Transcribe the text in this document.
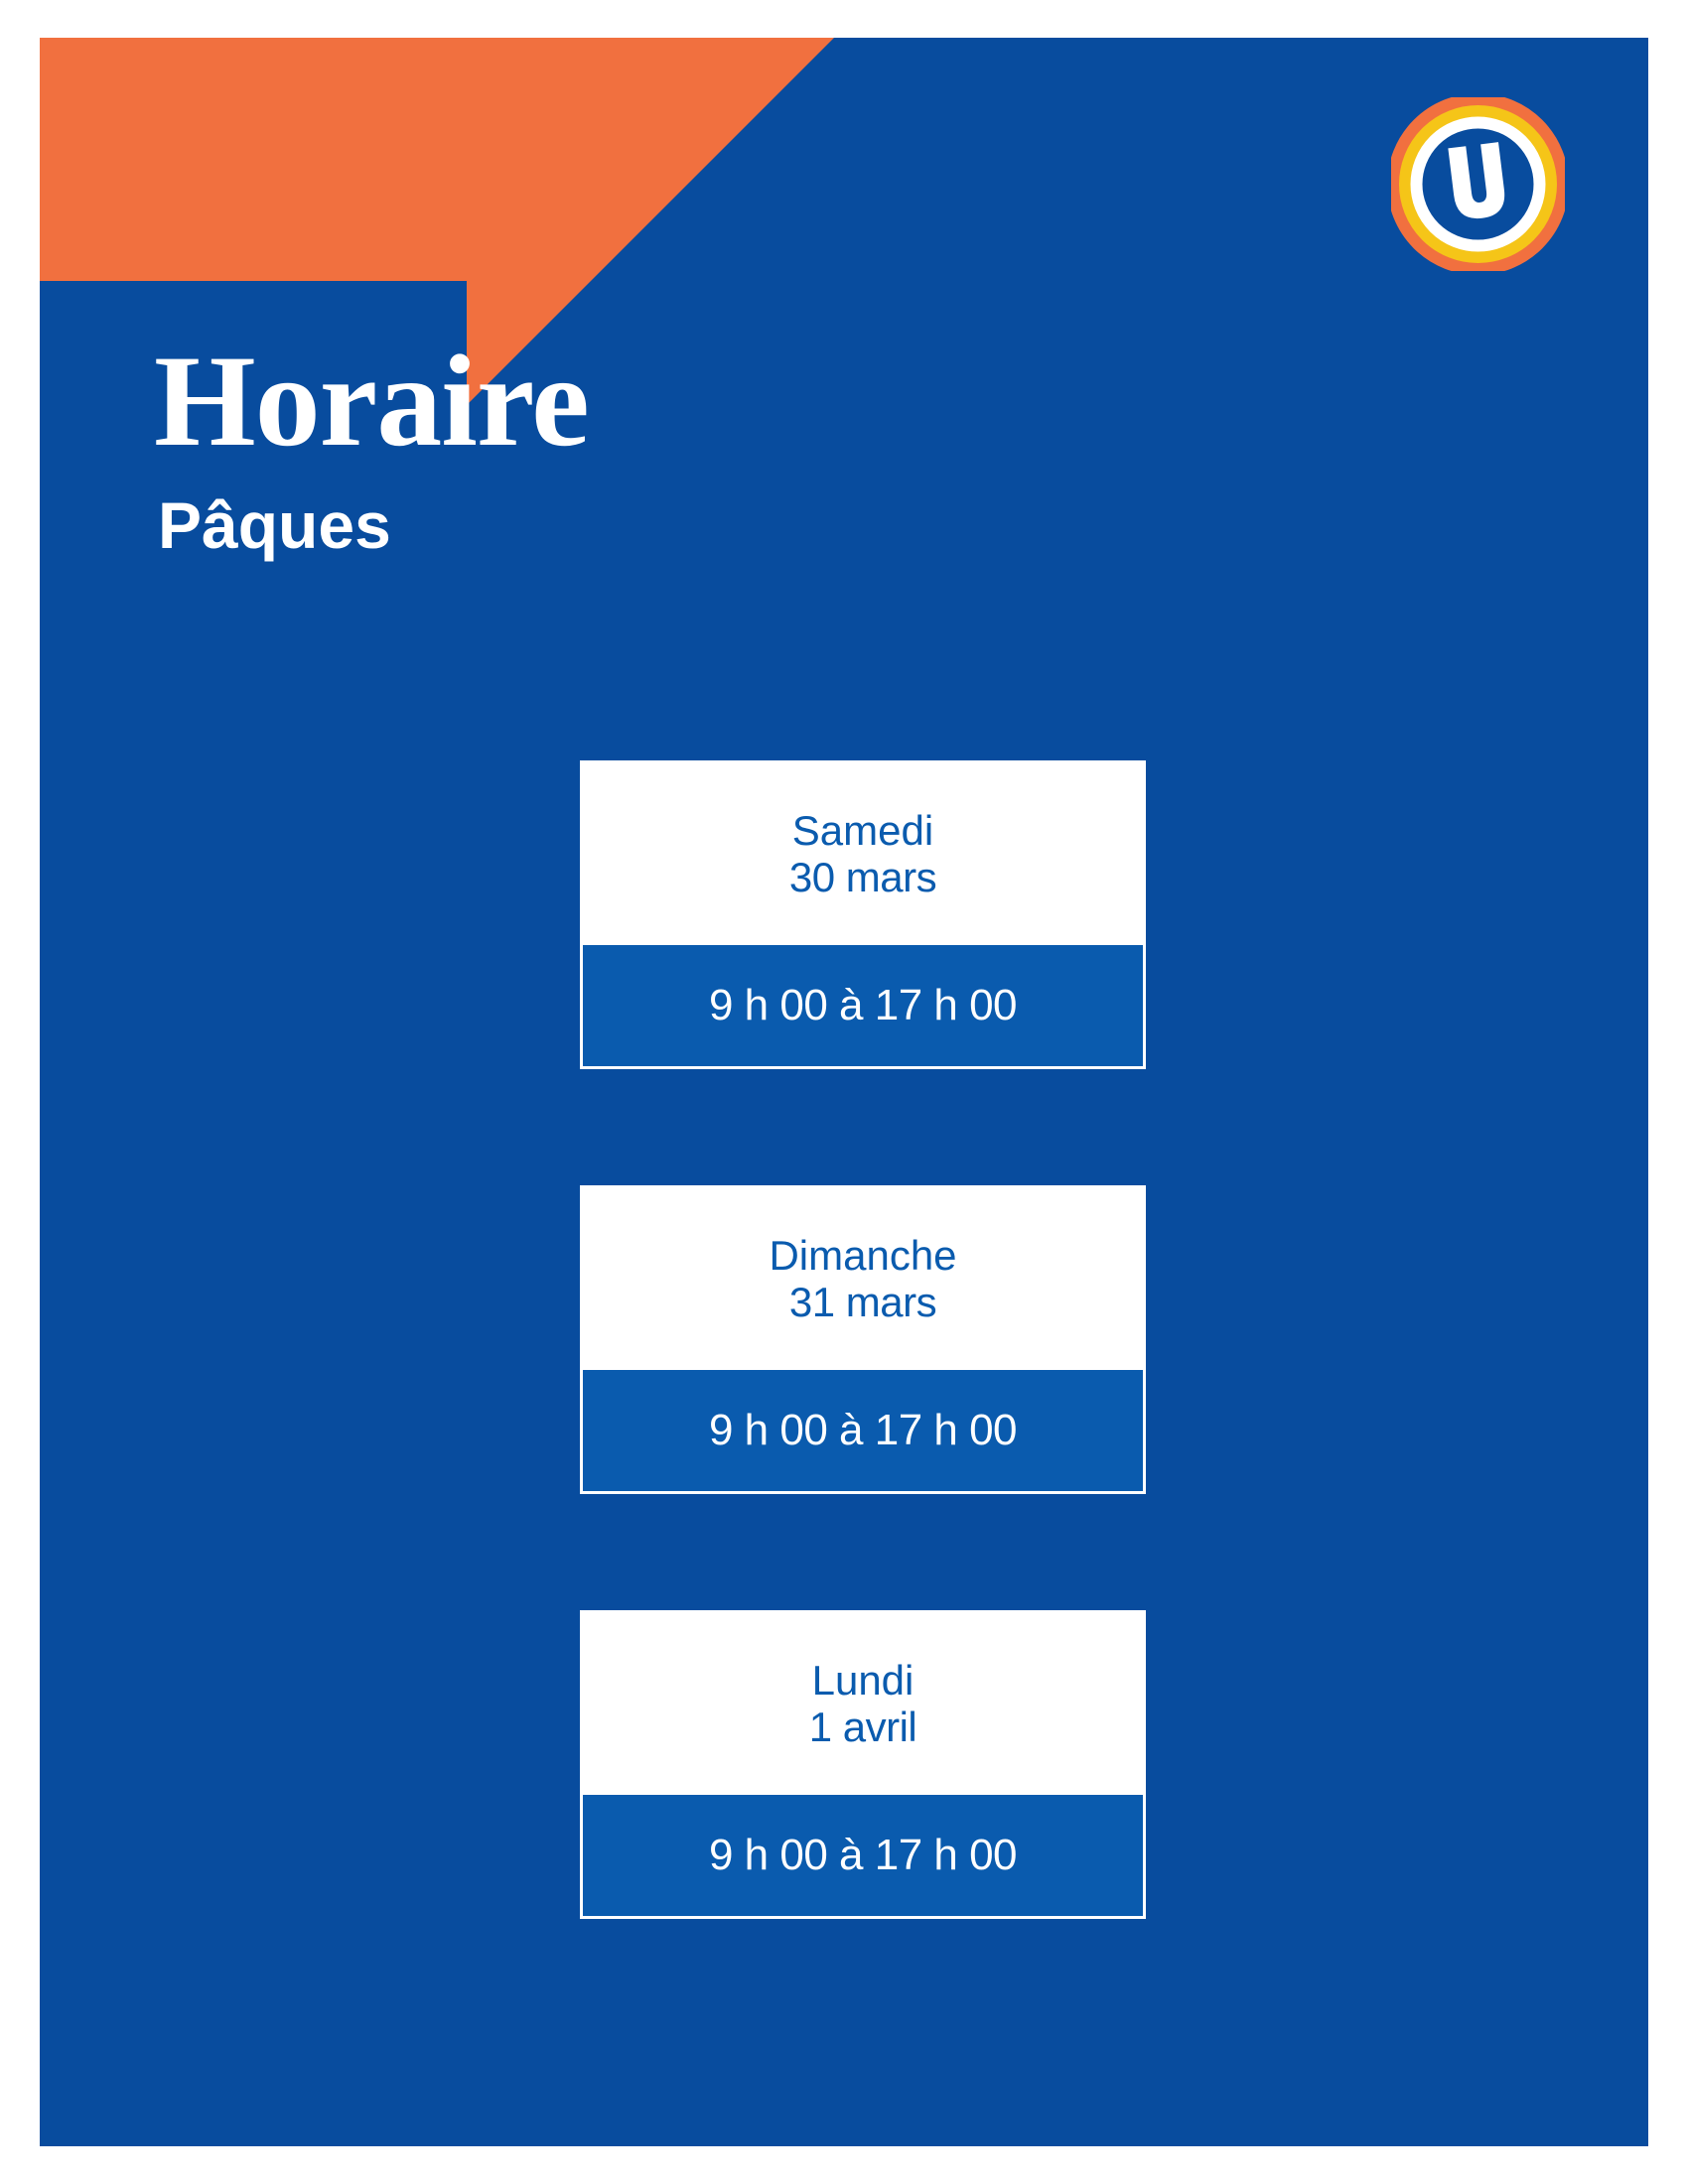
Horaire
Pâques
Samedi
30 mars
9 h 00 à 17 h 00
Dimanche
31 mars
9 h 00 à 17 h 00
Lundi
1 avril
9 h 00 à 17 h 00
